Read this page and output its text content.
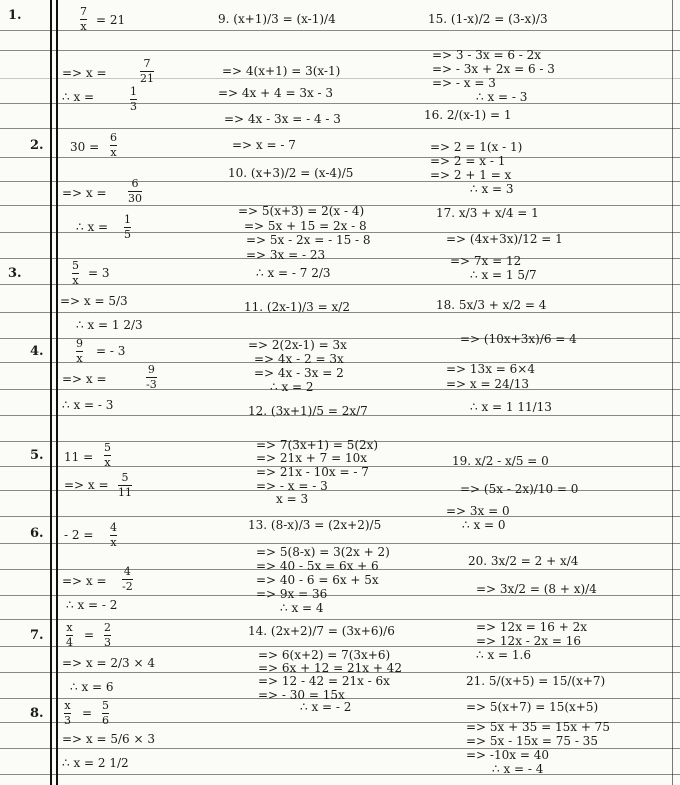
1.	7
x = 21
=> x =
7
21
∴ x =	1
3
2. 30 =
6
x
=> x =
6
30
∴ x =
1
5
3.
5
x
= 3
=> x = 5/3
∴ x = 1 2/3
4.
9
x
= - 3
=> x =
9
-3
∴ x = - 3
5. 11 =
5
x
=> x =
5
11
6. - 2 =
4
x
=> x =
4
-2
∴ x = - 2
7.
x
4
=
2
3
=> x = 2/3 × 4
∴ x = 6
8.
x
3
=
5
6
=> x = 5/6 × 3
∴ x = 2 1/2
9. (x+1)/3 = (x-1)/4
=> 4(x+1) = 3(x-1)
=> 4x + 4 = 3x - 3
=> 4x - 3x = - 4 - 3
=> x = - 7
10. (x+3)/2 = (x-4)/5
=> 5(x+3) = 2(x - 4)
=> 5x + 15 = 2x - 8
=> 5x - 2x = - 15 - 8
=> 3x = - 23
∴ x = - 7 2/3
11. (2x-1)/3 = x/2
=> 2(2x-1) = 3x
=> 4x - 2 = 3x
=> 4x - 3x = 2
∴ x = 2
12. (3x+1)/5 = 2x/7
=> 7(3x+1) = 5(2x)
=> 21x + 7 = 10x
=> 21x - 10x = - 7
=> - x = - 3
x = 3
13. (8-x)/3 = (2x+2)/5
=> 5(8-x) = 3(2x + 2)
=> 40 - 5x = 6x + 6
=> 40 - 6 = 6x + 5x
=> 9x = 36
∴ x = 4
14. (2x+2)/7 = (3x+6)/6
=> 6(x+2) = 7(3x+6)
=> 6x + 12 = 21x + 42
=> 12 - 42 = 21x - 6x
=> - 30 = 15x
∴ x = - 2
15. (1-x)/2 = (3-x)/3
=> 3 - 3x = 6 - 2x
=> - 3x + 2x = 6 - 3
=> - x = 3
∴ x = - 3
16. 2/(x-1) = 1
=> 2 = 1(x - 1)
=> 2 = x - 1
=> 2 + 1 = x
∴ x = 3
17. x/3 + x/4 = 1
=> (4x+3x)/12 = 1
=> 7x = 12
∴ x = 1 5/7
18. 5x/3 + x/2 = 4
=> (10x+3x)/6 = 4
=> 13x = 6×4
=> x = 24/13
∴ x = 1 11/13
19. x/2 - x/5 = 0
=> (5x - 2x)/10 = 0
=> 3x = 0
∴ x = 0
20. 3x/2 = 2 + x/4
=> 3x/2 = (8 + x)/4
=> 12x = 16 + 2x
=> 12x - 2x = 16
∴ x = 1.6
21. 5/(x+5) = 15/(x+7)
=> 5(x+7) = 15(x+5)
=> 5x + 35 = 15x + 75
=> 5x - 15x = 75 - 35
=> -10x = 40
∴ x = - 4
